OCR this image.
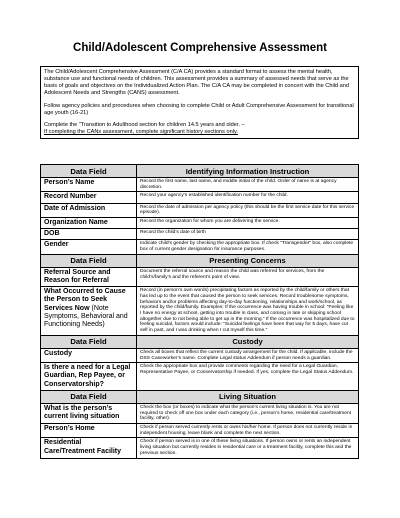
Child/Adolescent Comprehensive Assessment

The Child/Adolescent Comprehensive Assessment (C/A CA) provides a standard format to assess the mental health, substance use and functional needs of children. This assessment provides a summary of assessed needs that serve as the basis of goals and objectives on the Individualized Action Plan. The C/A CA may be completed in concert with the Child and Adolescent Needs and Strengths (CANS) assessment.

Follow agency policies and procedures when choosing to complete Child or Adult Comprehensive Assessment for transitional age youth (16-21)

Complete the “Transition to Adulthood section for children 14.5 years and older. –
If completing the CANs assessment, complete significant history sections only.

Data Field	Identifying Information Instruction
Person’s Name	Record the first name, last name, and middle initial of the child. Order of name is at agency discretion.
Record Number	Record your agency’s established identification number for the child.
Date of Admission	Record the date of admission per agency policy (this should be the first service date for this service episode).
Organization Name	Record the organization for whom you are delivering the service.
DOB	Record the child’s date of birth
Gender	Indicate child’s gender by checking the appropriate box. If check “Transgender” box, also complete box of current gender designation for insurance purposes.
Data Field	Presenting Concerns
Referral Source and Reason for Referral	Document the referral source and reason the child was referred for services, from the child’s/family’s and the referent’s point of view.
What Occurred to Cause the Person to Seek Services Now (Note Symptoms, Behavioral and Functioning Needs)	Record (in person’s own words) precipitating factors as reported by the child/family or others that has led up to the event that caused the person to seek services. Record troublesome symptoms, behaviors and/or problems affecting day-to-day functioning, relationships and work/school, as reported by the child/family. Examples: If the occurrence was having trouble in school: “Feeling like I have no energy at school, getting into trouble in class, and coming in late or skipping school altogether due to not being able to get up in the morning.” If the occurrence was hospitalized due to feeling suicidal, factors would include: “Suicidal feelings have been that way for 5 days, have cut self in past, and I was drinking when I cut myself this time.”
Data Field	Custody
Custody	Check all boxes that reflect the current custody arrangement for the child. If applicable, include the DSS Caseworker’s name. Complete Legal status Addendum if person needs a guardian.
Is there a need for a Legal Guardian, Rep Payee, or Conservatorship?	Check the appropriate box and provide comments regarding the need for a Legal Guardian, Representative Payee, or Conservatorship if needed. If yes, complete the Legal Status Addendum.
Data Field	Living Situation
What is the person’s current living situation	Check the box (or boxes) to indicate what the person’s current living situation is. You are not required to check off one box under each category (i.e., person’s home, residential care/treatment facility, other).
Person’s Home	Check if person served currently rents or owns his/her home. If person does not currently reside in independent housing, leave blank and complete the next section.
Residential Care/Treatment Facility	Check if person served is in one of these living situations. If person owns or rents an independent living situation but currently resides in residential care or a treatment facility, complete this and the previous section.
